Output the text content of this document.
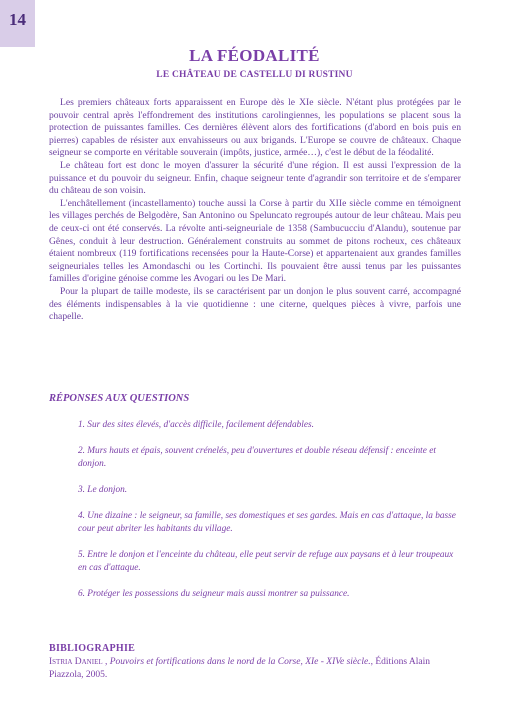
14
LA FÉODALITÉ
LE CHÂTEAU DE CASTELLU DI RUSTINU

Les premiers châteaux forts apparaissent en Europe dès le XIe siècle. N'étant plus protégées par le pouvoir central après l'effondrement des institutions carolingiennes, les populations se placent sous la protection de puissantes familles. Ces dernières élèvent alors des fortifications (d'abord en bois puis en pierres) capables de résister aux envahisseurs ou aux brigands. L'Europe se couvre de châteaux. Chaque seigneur se comporte en véritable souverain (impôts, justice, armée…), c'est le début de la féodalité.

Le château fort est donc le moyen d'assurer la sécurité d'une région. Il est aussi l'expression de la puissance et du pouvoir du seigneur. Enfin, chaque seigneur tente d'agrandir son territoire et de s'emparer du château de son voisin.

L'enchâtellement (incastellamento) touche aussi la Corse à partir du XIIe siècle comme en témoignent les villages perchés de Belgodère, San Antonino ou Speluncato regroupés autour de leur château. Mais peu de ceux-ci ont été conservés. La révolte anti-seigneuriale de 1358 (Sambucucciu d'Alandu), soutenue par Gênes, conduit à leur destruction. Généralement construits au sommet de pitons rocheux, ces châteaux étaient nombreux (119 fortifications recensées pour la Haute-Corse) et appartenaient aux grandes familles seigneuriales telles les Amondaschi ou les Cortinchi. Ils pouvaient être aussi tenus par les puissantes familles d'origine génoise comme les Avogari ou les De Mari.

Pour la plupart de taille modeste, ils se caractérisent par un donjon le plus souvent carré, accompagné des éléments indispensables à la vie quotidienne : une citerne, quelques pièces à vivre, parfois une chapelle.

RÉPONSES AUX QUESTIONS

1. Sur des sites élevés, d'accès difficile, facilement défendables.

2. Murs hauts et épais, souvent crénelés, peu d'ouvertures et double réseau défensif : enceinte et donjon.

3. Le donjon.

4. Une dizaine : le seigneur, sa famille, ses domestiques et ses gardes. Mais en cas d'attaque, la basse cour peut abriter les habitants du village.

5. Entre le donjon et l'enceinte du château, elle peut servir de refuge aux paysans et à leur troupeaux en cas d'attaque.

6. Protéger les possessions du seigneur mais aussi montrer sa puissance.

BIBLIOGRAPHIE
Istria Daniel , Pouvoirs et fortifications dans le nord de la Corse, XIe - XIVe siècle., Éditions Alain Piazzola, 2005.
